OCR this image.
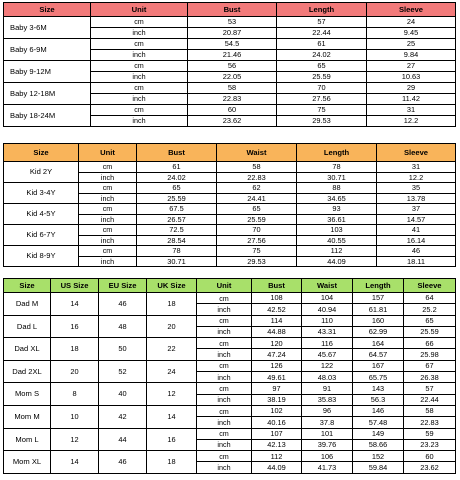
Size	Unit	Bust	Length	Sleeve
Baby 3-6M	cm	53	57	24
	inch	20.87	22.44	9.45
Baby 6-9M	cm	54.5	61	25
	inch	21.46	24.02	9.84
Baby 9-12M	cm	56	65	27
	inch	22.05	25.59	10.63
Baby 12-18M	cm	58	70	29
	inch	22.83	27.56	11.42
Baby 18-24M	cm	60	75	31
	inch	23.62	29.53	12.2
Size	Unit	Bust	Waist	Length	Sleeve
Kid 2Y	cm	61	58	78	31
	inch	24.02	22.83	30.71	12.2
Kid 3-4Y	cm	65	62	88	35
	inch	25.59	24.41	34.65	13.78
Kid 4-5Y	cm	67.5	65	93	37
	inch	26.57	25.59	36.61	14.57
Kid 6-7Y	cm	72.5	70	103	41
	inch	28.54	27.56	40.55	16.14
Kid 8-9Y	cm	78	75	112	46
	inch	30.71	29.53	44.09	18.11
Size	US Size	EU Size	UK Size	Unit	Bust	Waist	Length	Sleeve
Dad M	14	46	18	cm	108	104	157	64
				inch	42.52	40.94	61.81	25.2
Dad L	16	48	20	cm	114	110	160	65
				inch	44.88	43.31	62.99	25.59
Dad XL	18	50	22	cm	120	116	164	66
				inch	47.24	45.67	64.57	25.98
Dad 2XL	20	52	24	cm	126	122	167	67
				inch	49.61	48.03	65.75	26.38
Mom S	8	40	12	cm	97	91	143	57
				inch	38.19	35.83	56.3	22.44
Mom M	10	42	14	cm	102	96	146	58
				inch	40.16	37.8	57.48	22.83
Mom L	12	44	16	cm	107	101	149	59
				inch	42.13	39.76	58.66	23.23
Mom XL	14	46	18	cm	112	106	152	60
				inch	44.09	41.73	59.84	23.62
